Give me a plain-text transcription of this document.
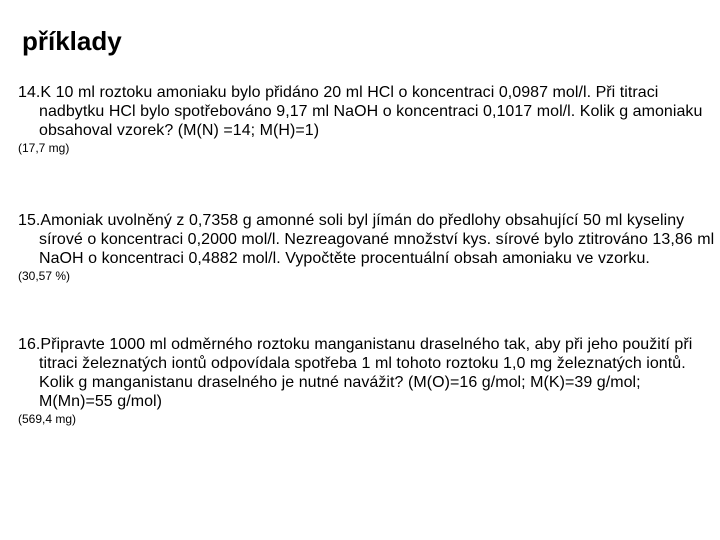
příklady
14.K 10 ml roztoku amoniaku bylo přidáno 20 ml HCl o koncentraci 0,0987 mol/l. Při titraci nadbytku HCl bylo spotřebováno 9,17 ml NaOH o koncentraci 0,1017 mol/l. Kolik g amoniaku obsahoval vzorek? (M(N) =14; M(H)=1)
(17,7 mg)
15.Amoniak uvolněný z 0,7358 g amonné soli byl jímán do předlohy obsahující 50 ml kyseliny sírové o koncentraci 0,2000 mol/l. Nezreagované množství kys. sírové bylo ztitrováno 13,86 ml NaOH o koncentraci 0,4882 mol/l. Vypočtěte procentuální obsah amoniaku ve vzorku.
(30,57 %)
16.Připravte 1000 ml odměrného roztoku manganistanu draselného tak, aby při jeho použití při titraci železnatých iontů odpovídala spotřeba 1 ml tohoto roztoku 1,0 mg železnatých iontů. Kolik g manganistanu draselného je nutné navážit? (M(O)=16 g/mol; M(K)=39 g/mol; M(Mn)=55 g/mol)
(569,4 mg)
